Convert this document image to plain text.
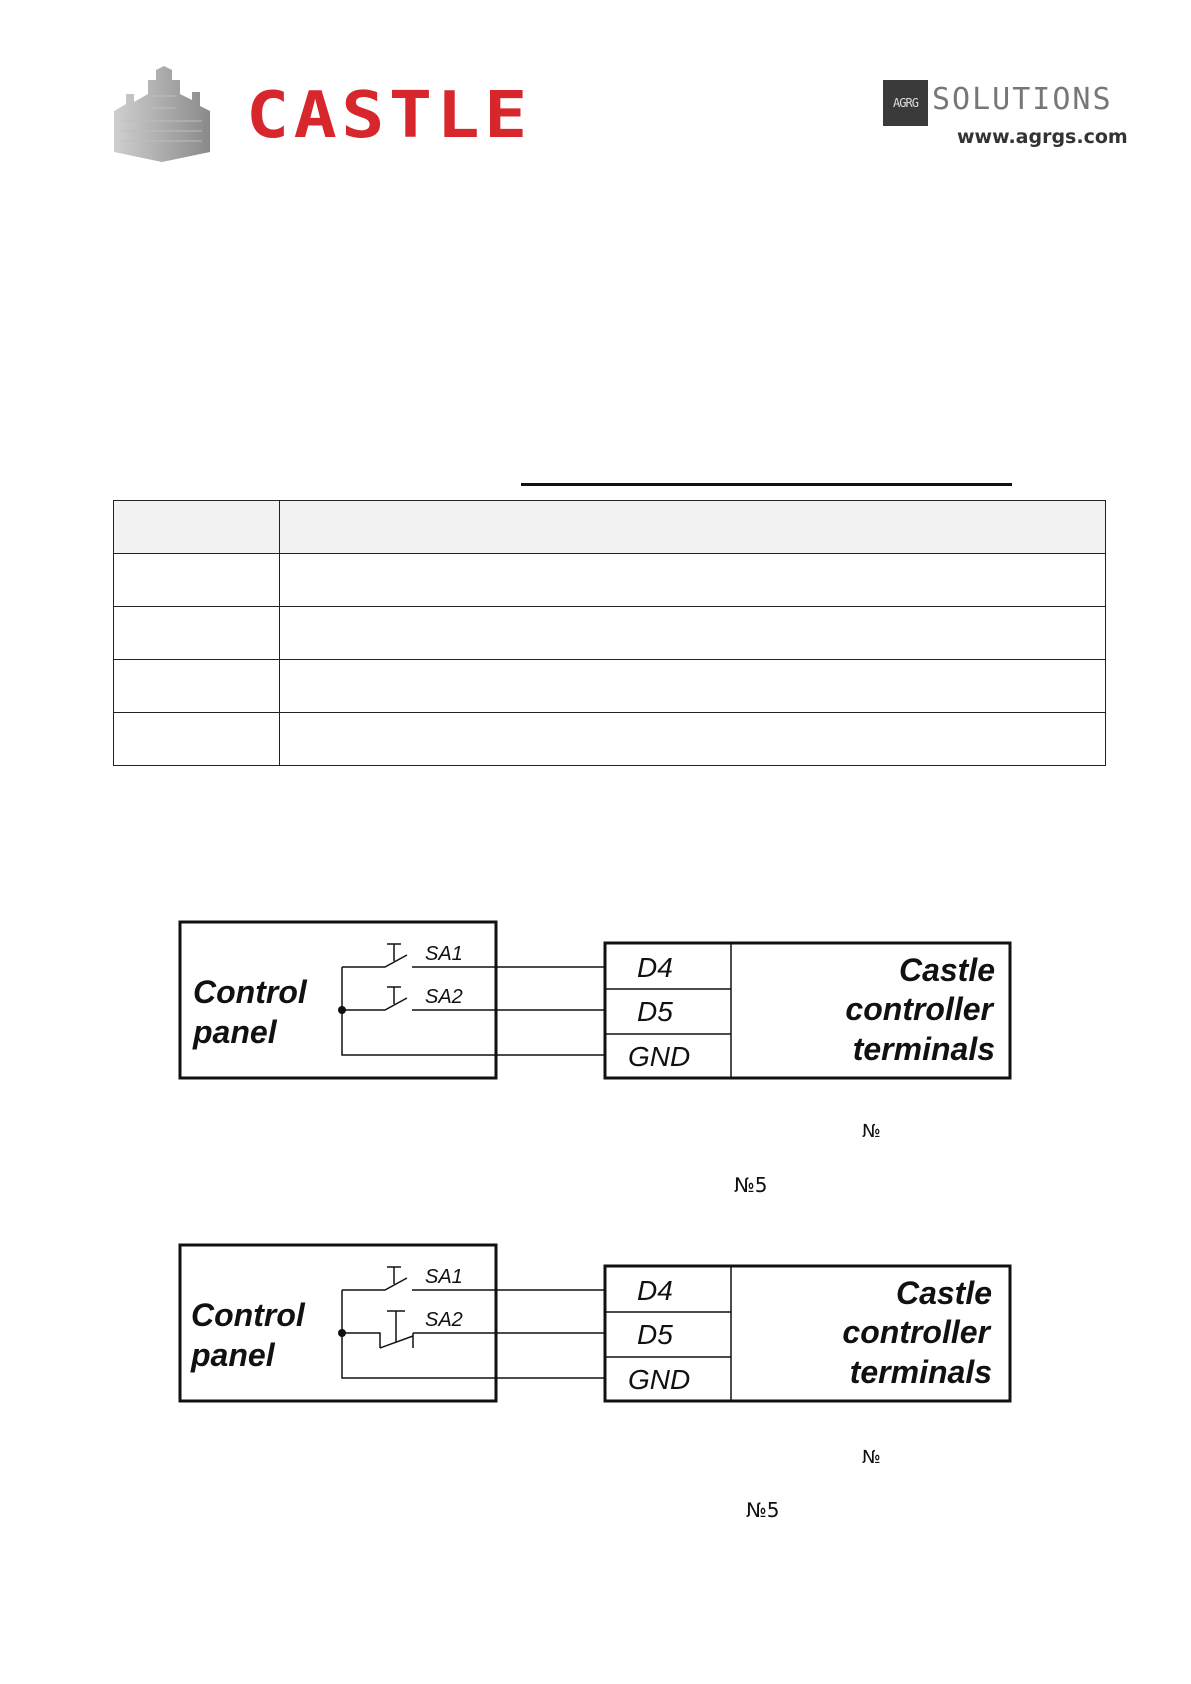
CASTLE	AGRG SOLUTIONS
www.agrgs.com

Control
panel
SA1
SA2
D4
D5
GND
Castle
controller
terminals
№
№5
Control
panel
SA1
SA2
D4
D5
GND
Castle
controller
terminals
№
№5
